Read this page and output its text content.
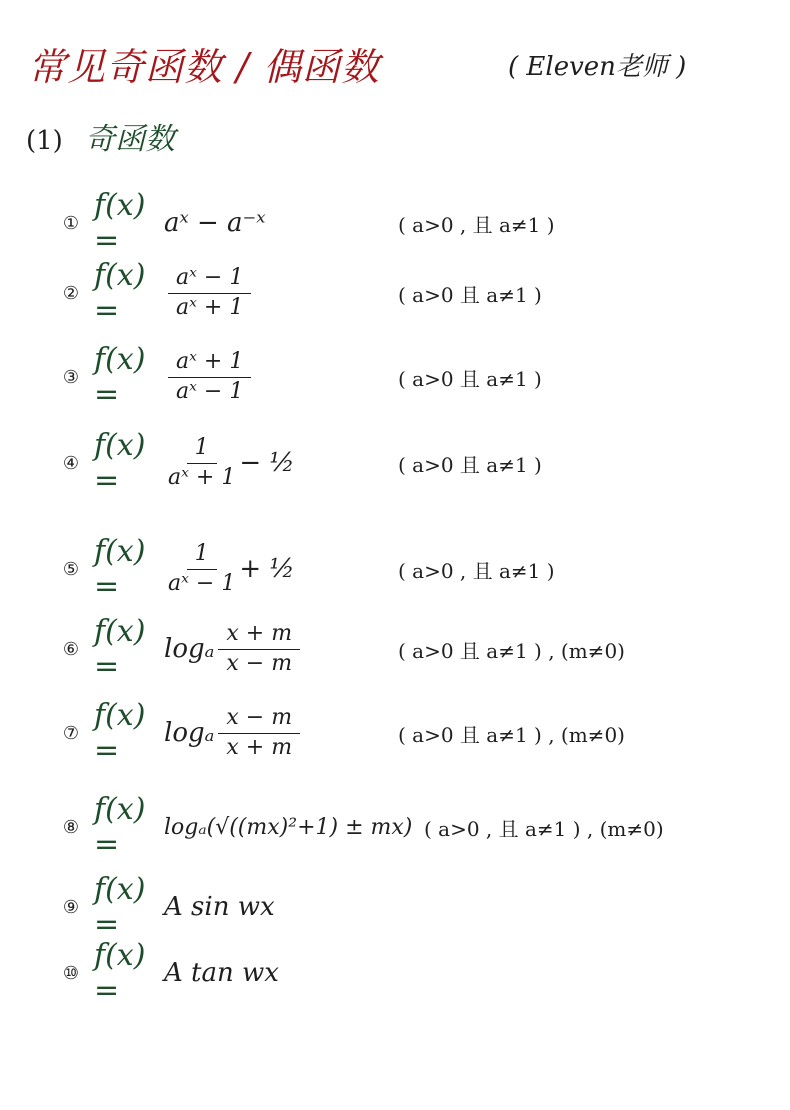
常见奇函数 / 偶函数	( Eleven老师 )
(1) 奇函数
① f(x) =	aˣ − a⁻ˣ	( a>0 , 且 a≠1 )
② f(x) =	$\frac{\text{aˣ − 1}}{\text{aˣ + 1}}$	( a>0 且 a≠1 )
③ f(x) =	$\frac{\text{aˣ + 1}}{\text{aˣ − 1}}$	( a>0 且 a≠1 )
④ f(x) =	$\frac{1}{\text{aˣ + 1}}$ − ½	( a>0 且 a≠1 )
⑤ f(x) =	$\frac{1}{\text{aˣ − 1}}$ + ½	( a>0 , 且 a≠1 )
⑥ f(x) =	logₐ $\frac{x + m}{x - m}$	( a>0 且 a≠1 ) , (m≠0)
⑦ f(x) =	logₐ $\frac{x - m}{x + m}$	( a>0 且 a≠1 ) , (m≠0)
⑧ f(x) =	logₐ(√((mx)²+1) ± mx) ( a>0 , 且 a≠1 ) , (m≠0)
⑨ f(x) =	A sin wx
⑩ f(x) =	A tan wx
